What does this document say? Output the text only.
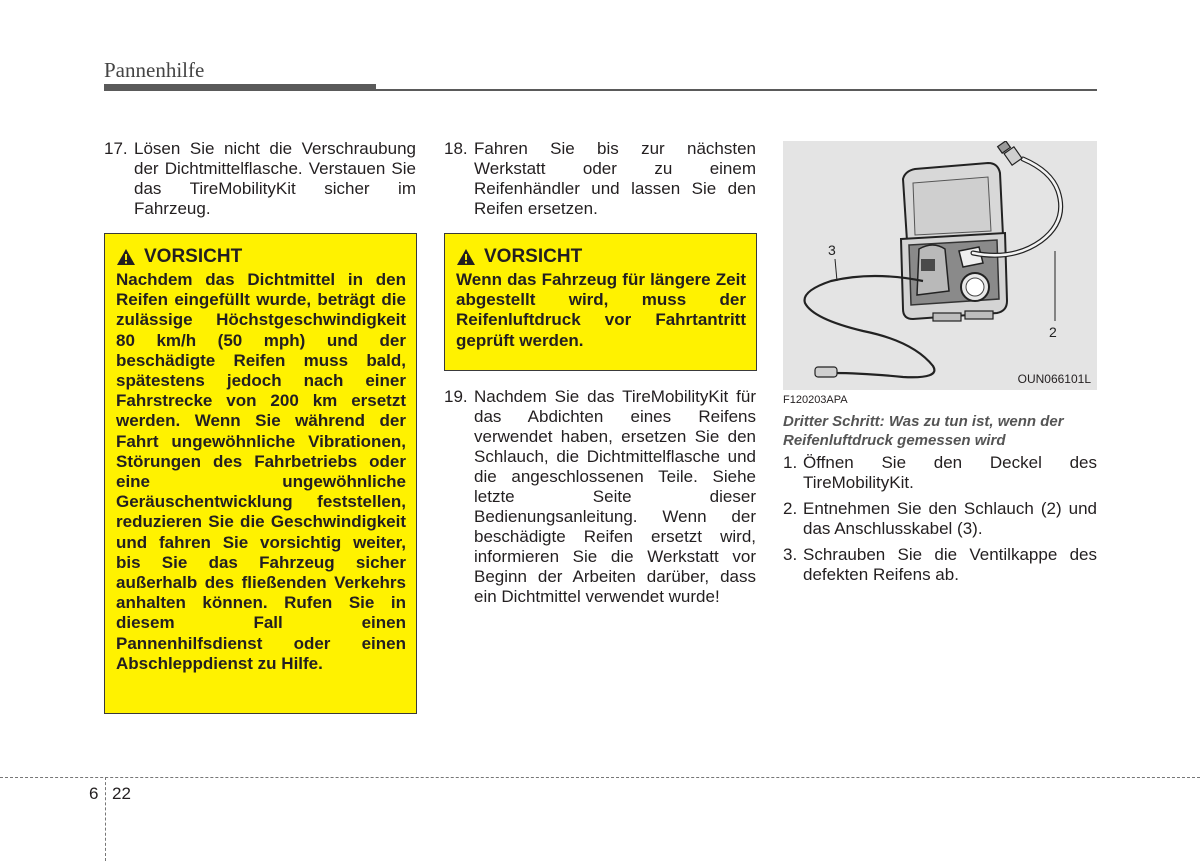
Pannenhilfe
17. Lösen Sie nicht die Verschraubung der Dichtmittelflasche. Verstauen Sie das TireMobilityKit sicher im Fahrzeug.
VORSICHT
Nachdem das Dichtmittel in den Reifen eingefüllt wurde, beträgt die zulässige Höchstgeschwindigkeit 80 km/h (50 mph) und der beschädigte Reifen muss bald, spätestens jedoch nach einer Fahrstrecke von 200 km ersetzt werden. Wenn Sie während der Fahrt ungewöhnliche Vibrationen, Störungen des Fahrbetriebs oder eine ungewöhnliche Geräuschentwicklung feststellen, reduzieren Sie die Geschwindigkeit und fahren Sie vorsichtig weiter, bis Sie das Fahrzeug sicher außerhalb des fließenden Verkehrs anhalten können. Rufen Sie in diesem Fall einen Pannenhilfsdienst oder einen Abschleppdienst zu Hilfe.
18. Fahren Sie bis zur nächsten Werkstatt oder zu einem Reifenhändler und lassen Sie den Reifen ersetzen.
VORSICHT
Wenn das Fahrzeug für längere Zeit abgestellt wird, muss der Reifenluftdruck vor Fahrtantritt geprüft werden.
19. Nachdem Sie das TireMobilityKit für das Abdichten eines Reifens verwendet haben, ersetzen Sie den Schlauch, die Dichtmittelflasche und die angeschlossenen Teile. Siehe letzte Seite dieser Bedienungsanleitung. Wenn der beschädigte Reifen ersetzt wird, informieren Sie die Werkstatt vor Beginn der Arbeiten darüber, dass ein Dichtmittel verwendet wurde!
3
2
OUN066101L
F120203APA
Dritter Schritt: Was zu tun ist, wenn der Reifenluftdruck gemessen wird
1. Öffnen Sie den Deckel des TireMobilityKit.
2. Entnehmen Sie den Schlauch (2) und das Anschlusskabel (3).
3. Schrauben Sie die Ventilkappe des defekten Reifens ab.
6 22
